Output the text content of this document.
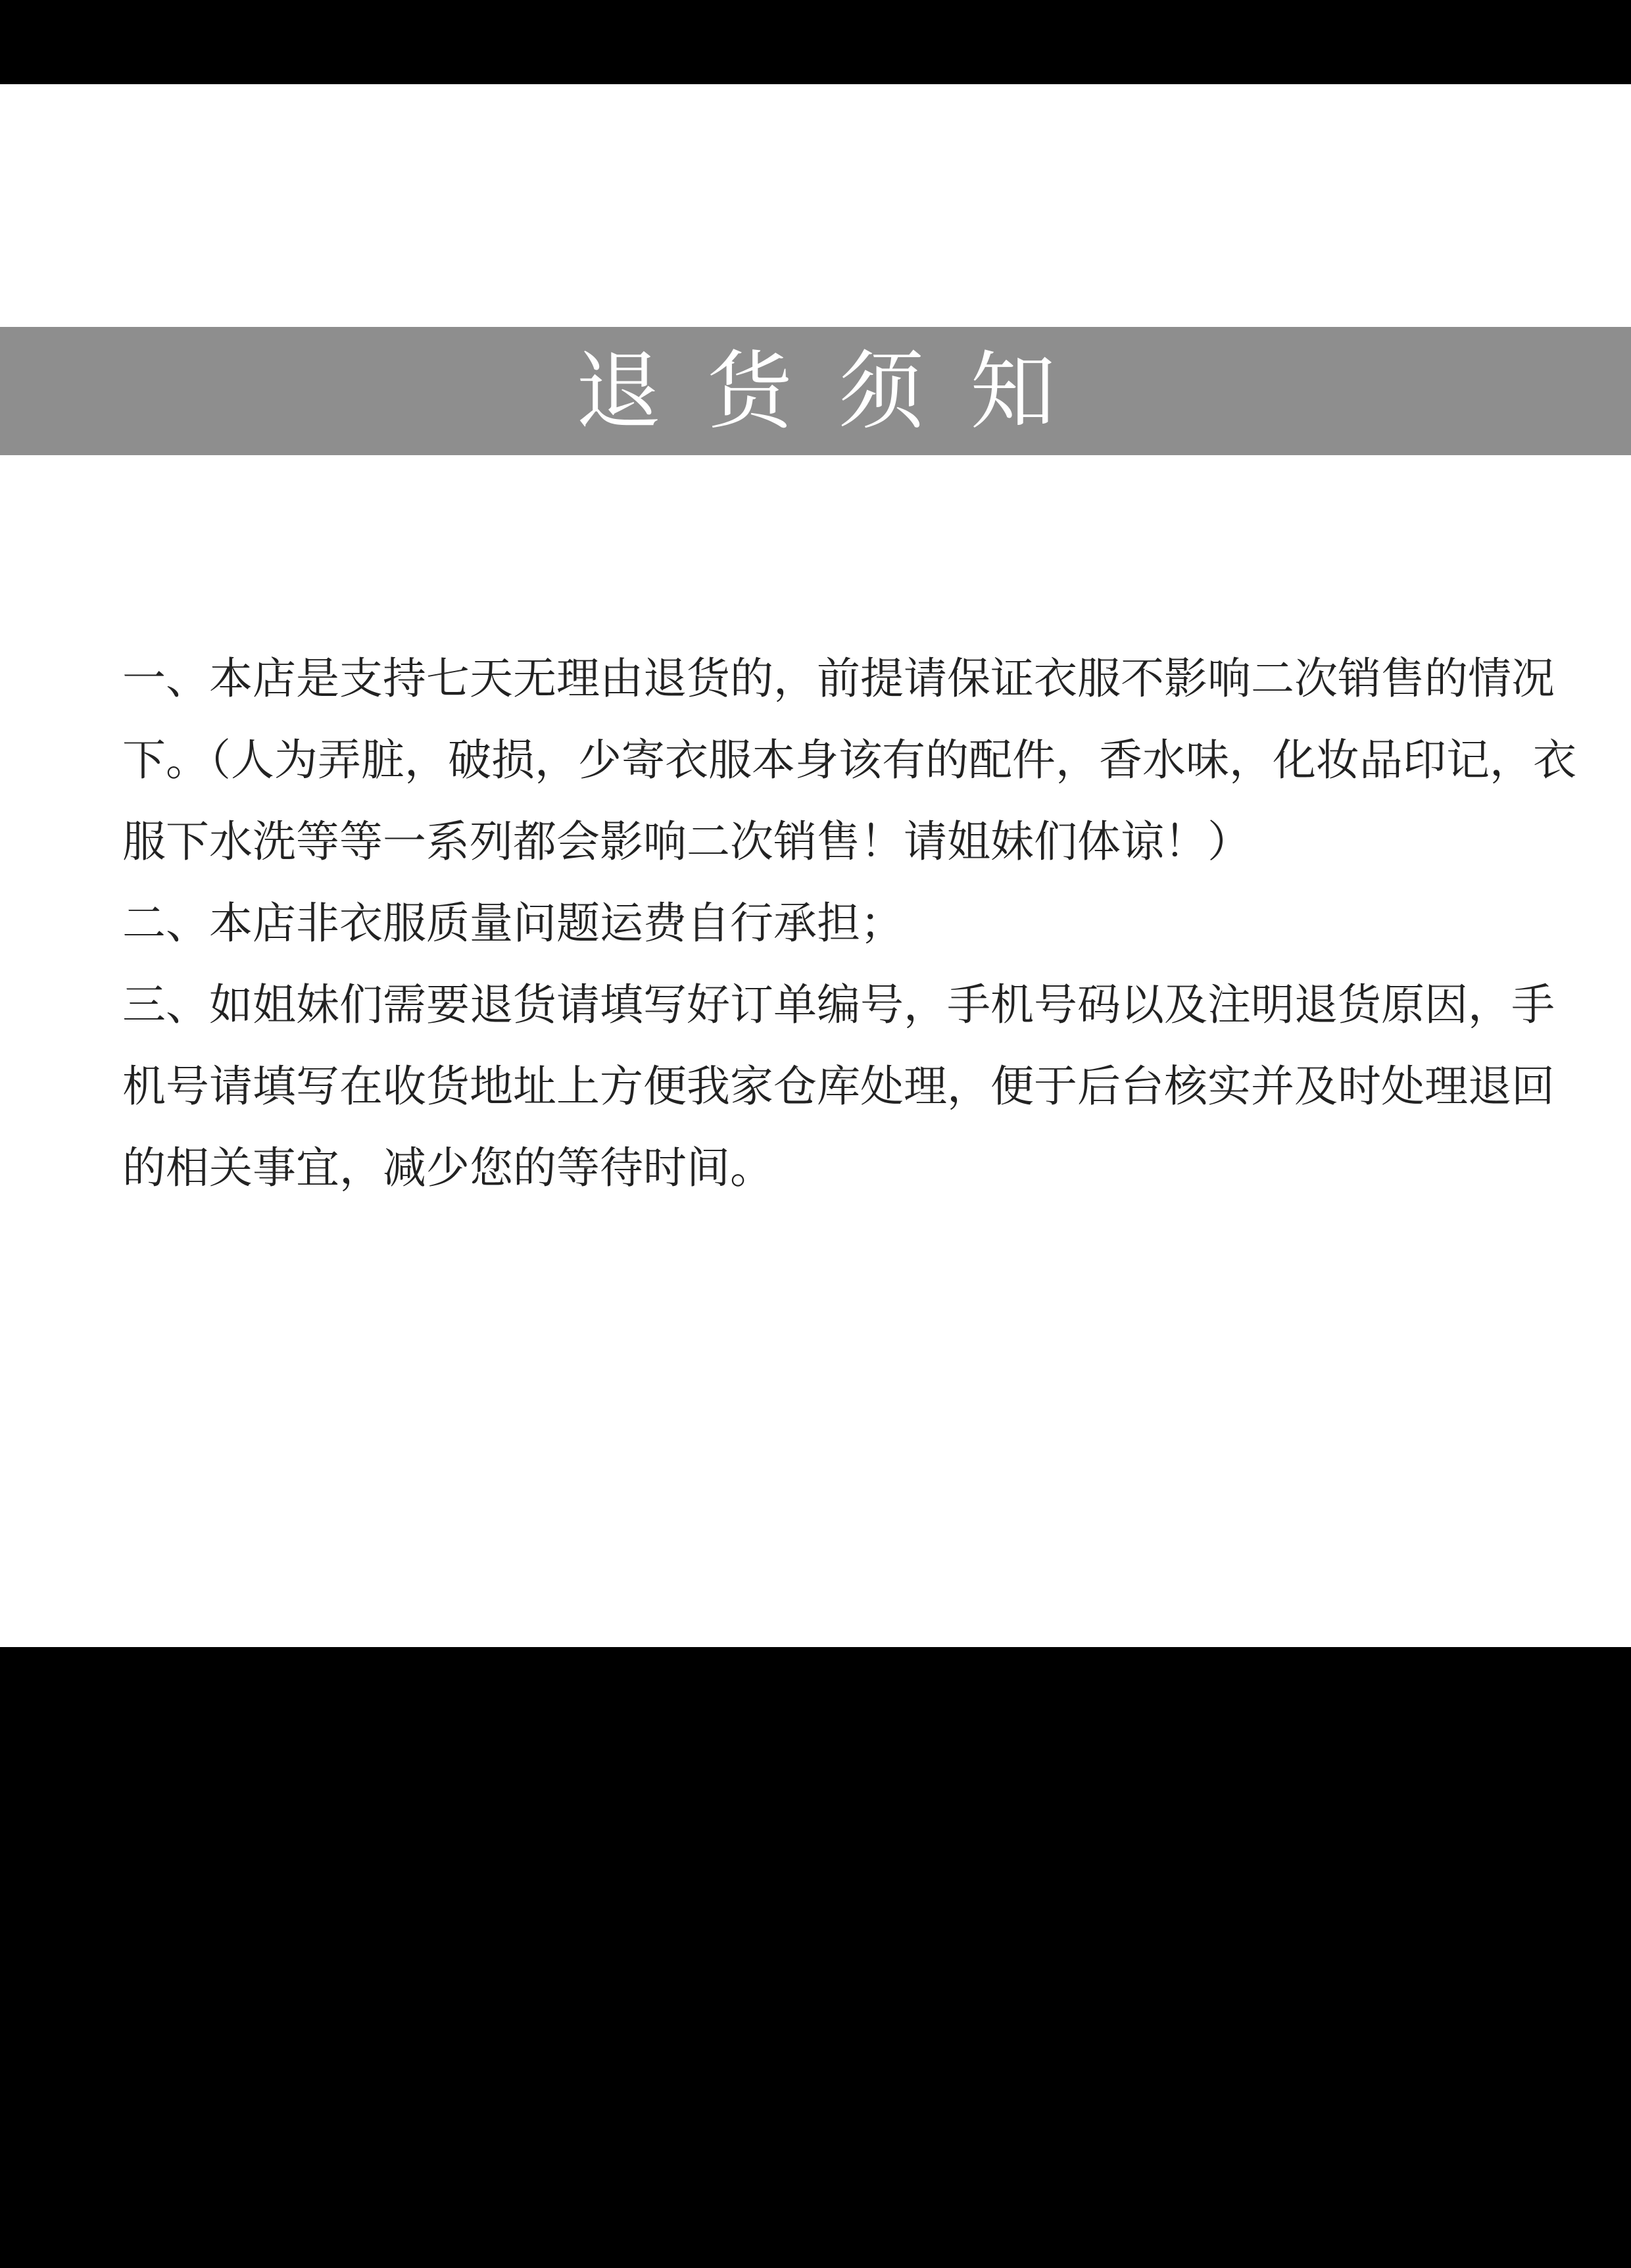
退货须知

一、本店是支持七天无理由退货的，前提请保证衣服不影响二次销售的情况下。（人为弄脏，破损，少寄衣服本身该有的配件，香水味，化妆品印记，衣服下水洗等等一系列都会影响二次销售！请姐妹们体谅！）

二、本店非衣服质量问题运费自行承担；

三、如姐妹们需要退货请填写好订单编号，手机号码以及注明退货原因，手机号请填写在收货地址上方便我家仓库处理，便于后台核实并及时处理退回的相关事宜，减少您的等待时间。
